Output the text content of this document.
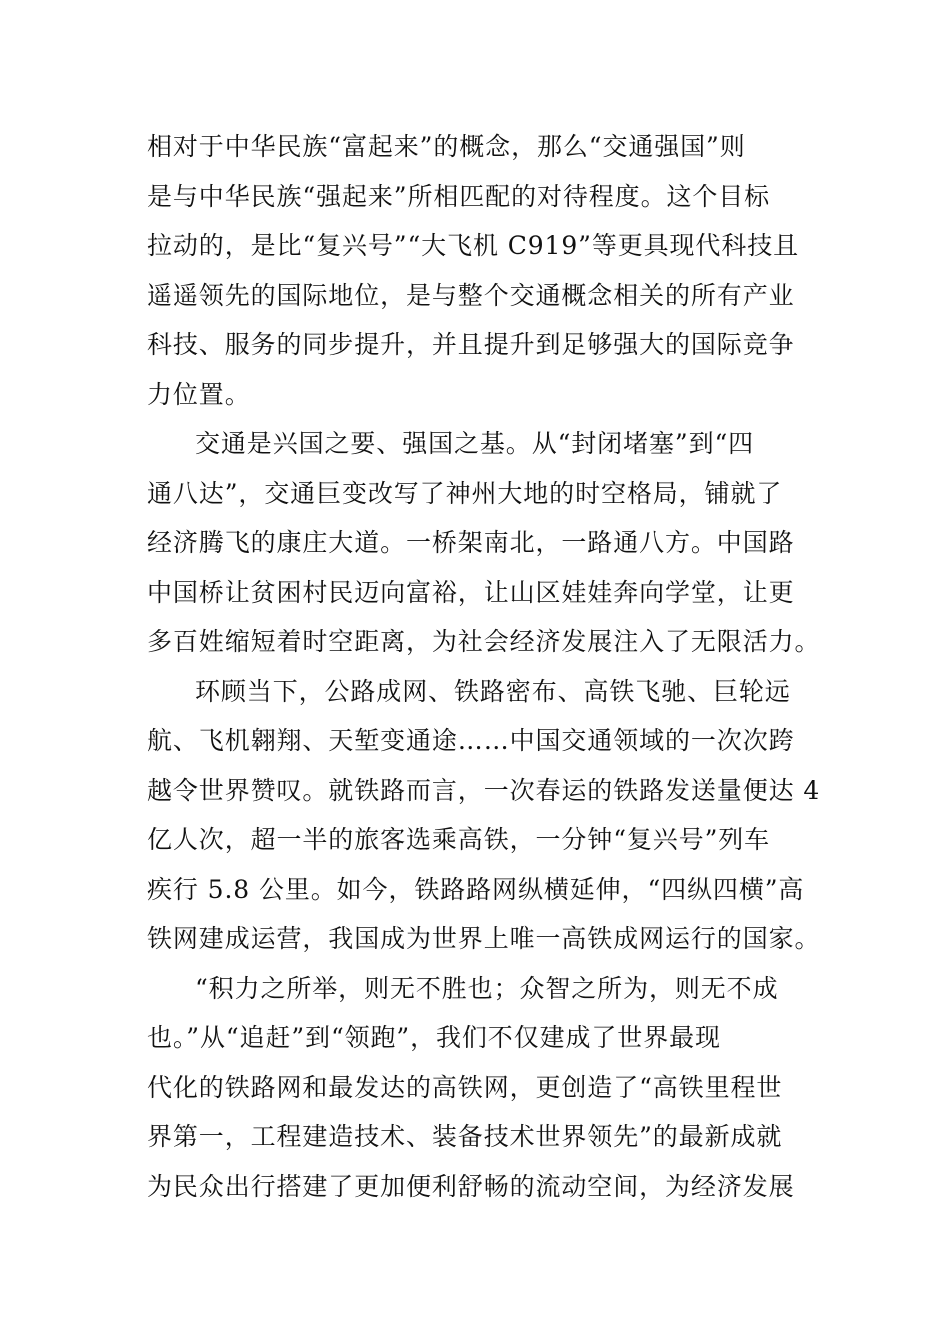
相对于中华民族“富起来”的概念，那么“交通强国”则
是与中华民族“强起来”所相匹配的对待程度。这个目标
拉动的，是比“复兴号”“大飞机 C919”等更具现代科技且
遥遥领先的国际地位，是与整个交通概念相关的所有产业
科技、服务的同步提升，并且提升到足够强大的国际竞争
力位置。
交通是兴国之要、强国之基。从“封闭堵塞”到“四
通八达”，交通巨变改写了神州大地的时空格局，铺就了
经济腾飞的康庄大道。一桥架南北，一路通八方。中国路
中国桥让贫困村民迈向富裕，让山区娃娃奔向学堂，让更
多百姓缩短着时空距离，为社会经济发展注入了无限活力。
环顾当下，公路成网、铁路密布、高铁飞驰、巨轮远
航、飞机翱翔、天堑变通途……中国交通领域的一次次跨
越令世界赞叹。就铁路而言，一次春运的铁路发送量便达 4
亿人次，超一半的旅客选乘高铁，一分钟“复兴号”列车
疾行 5.8 公里。如今，铁路路网纵横延伸，“四纵四横”高
铁网建成运营，我国成为世界上唯一高铁成网运行的国家。
“积力之所举，则无不胜也；众智之所为，则无不成
也。”从“追赶”到“领跑”，我们不仅建成了世界最现
代化的铁路网和最发达的高铁网，更创造了“高铁里程世
界第一，工程建造技术、装备技术世界领先”的最新成就
为民众出行搭建了更加便利舒畅的流动空间，为经济发展
